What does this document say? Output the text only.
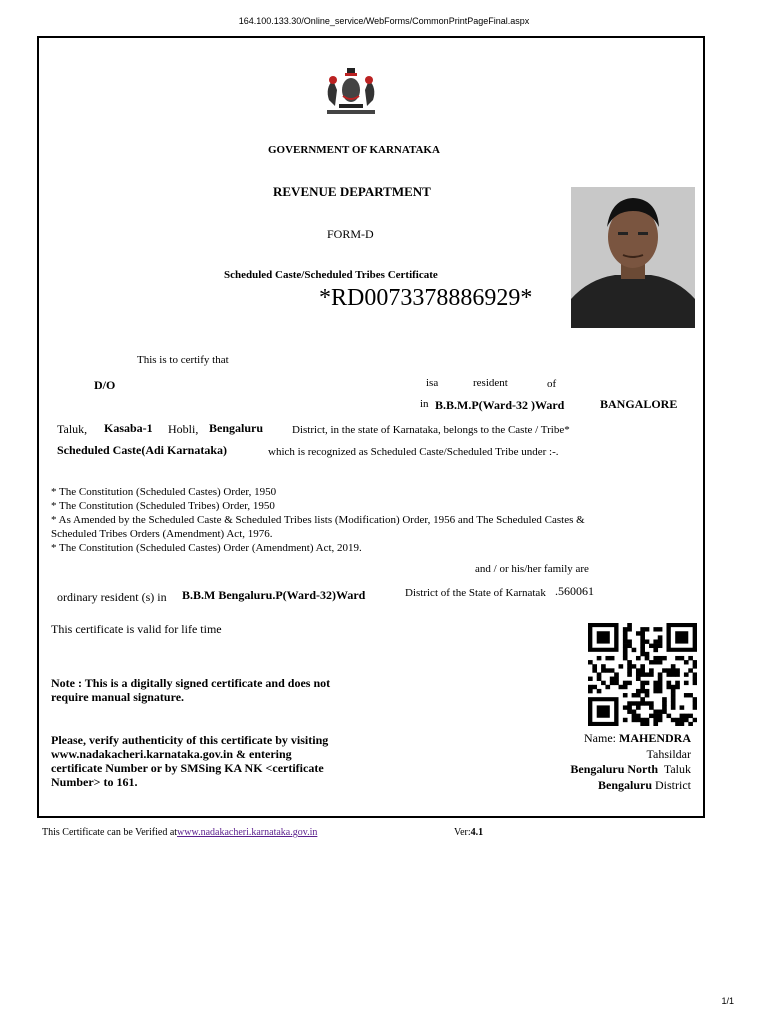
164.100.133.30/Online_service/WebForms/CommonPrintPageFinal.aspx
GOVERNMENT OF KARNATAKA
REVENUE DEPARTMENT
FORM-D
Scheduled Caste/Scheduled Tribes Certificate
*RD0073378886929*
This is to certify that
D/O	isa	resident	of
in B.B.M.P(Ward-32 )Ward	BANGALORE
Taluk, Kasaba-1 Hobli, Bengaluru	District, in the state of Karnataka, belongs to the Caste / Tribe*
Scheduled Caste(Adi Karnataka)	which is recognized as Scheduled Caste/Scheduled Tribe under :-.
* The Constitution (Scheduled Castes) Order, 1950
* The Constitution (Scheduled Tribes) Order, 1950
* As Amended by the Scheduled Caste & Scheduled Tribes lists (Modification) Order, 1956 and The Scheduled Castes &
Scheduled Tribes Orders (Amendment) Act, 1976.
* The Constitution (Scheduled Castes) Order (Amendment) Act, 2019.
and / or his/her family are
ordinary resident (s) in B.B.M Bengaluru.P(Ward-32)Ward	District of the State of Karnatak .560061
This certificate is valid for life time
Note : This is a digitally signed certificate and does not
require manual signature.
Please, verify authenticity of this certificate by visiting
www.nadakacheri.karnataka.gov.in & entering
certificate Number or by SMSing KA NK <certificate
Number> to 161.
Name: MAHENDRA
Tahsildar
Bengaluru North Taluk
Bengaluru District
This Certificate can be Verified atwww.nadakacheri.karnataka.gov.in	Ver:4.1
1/1
